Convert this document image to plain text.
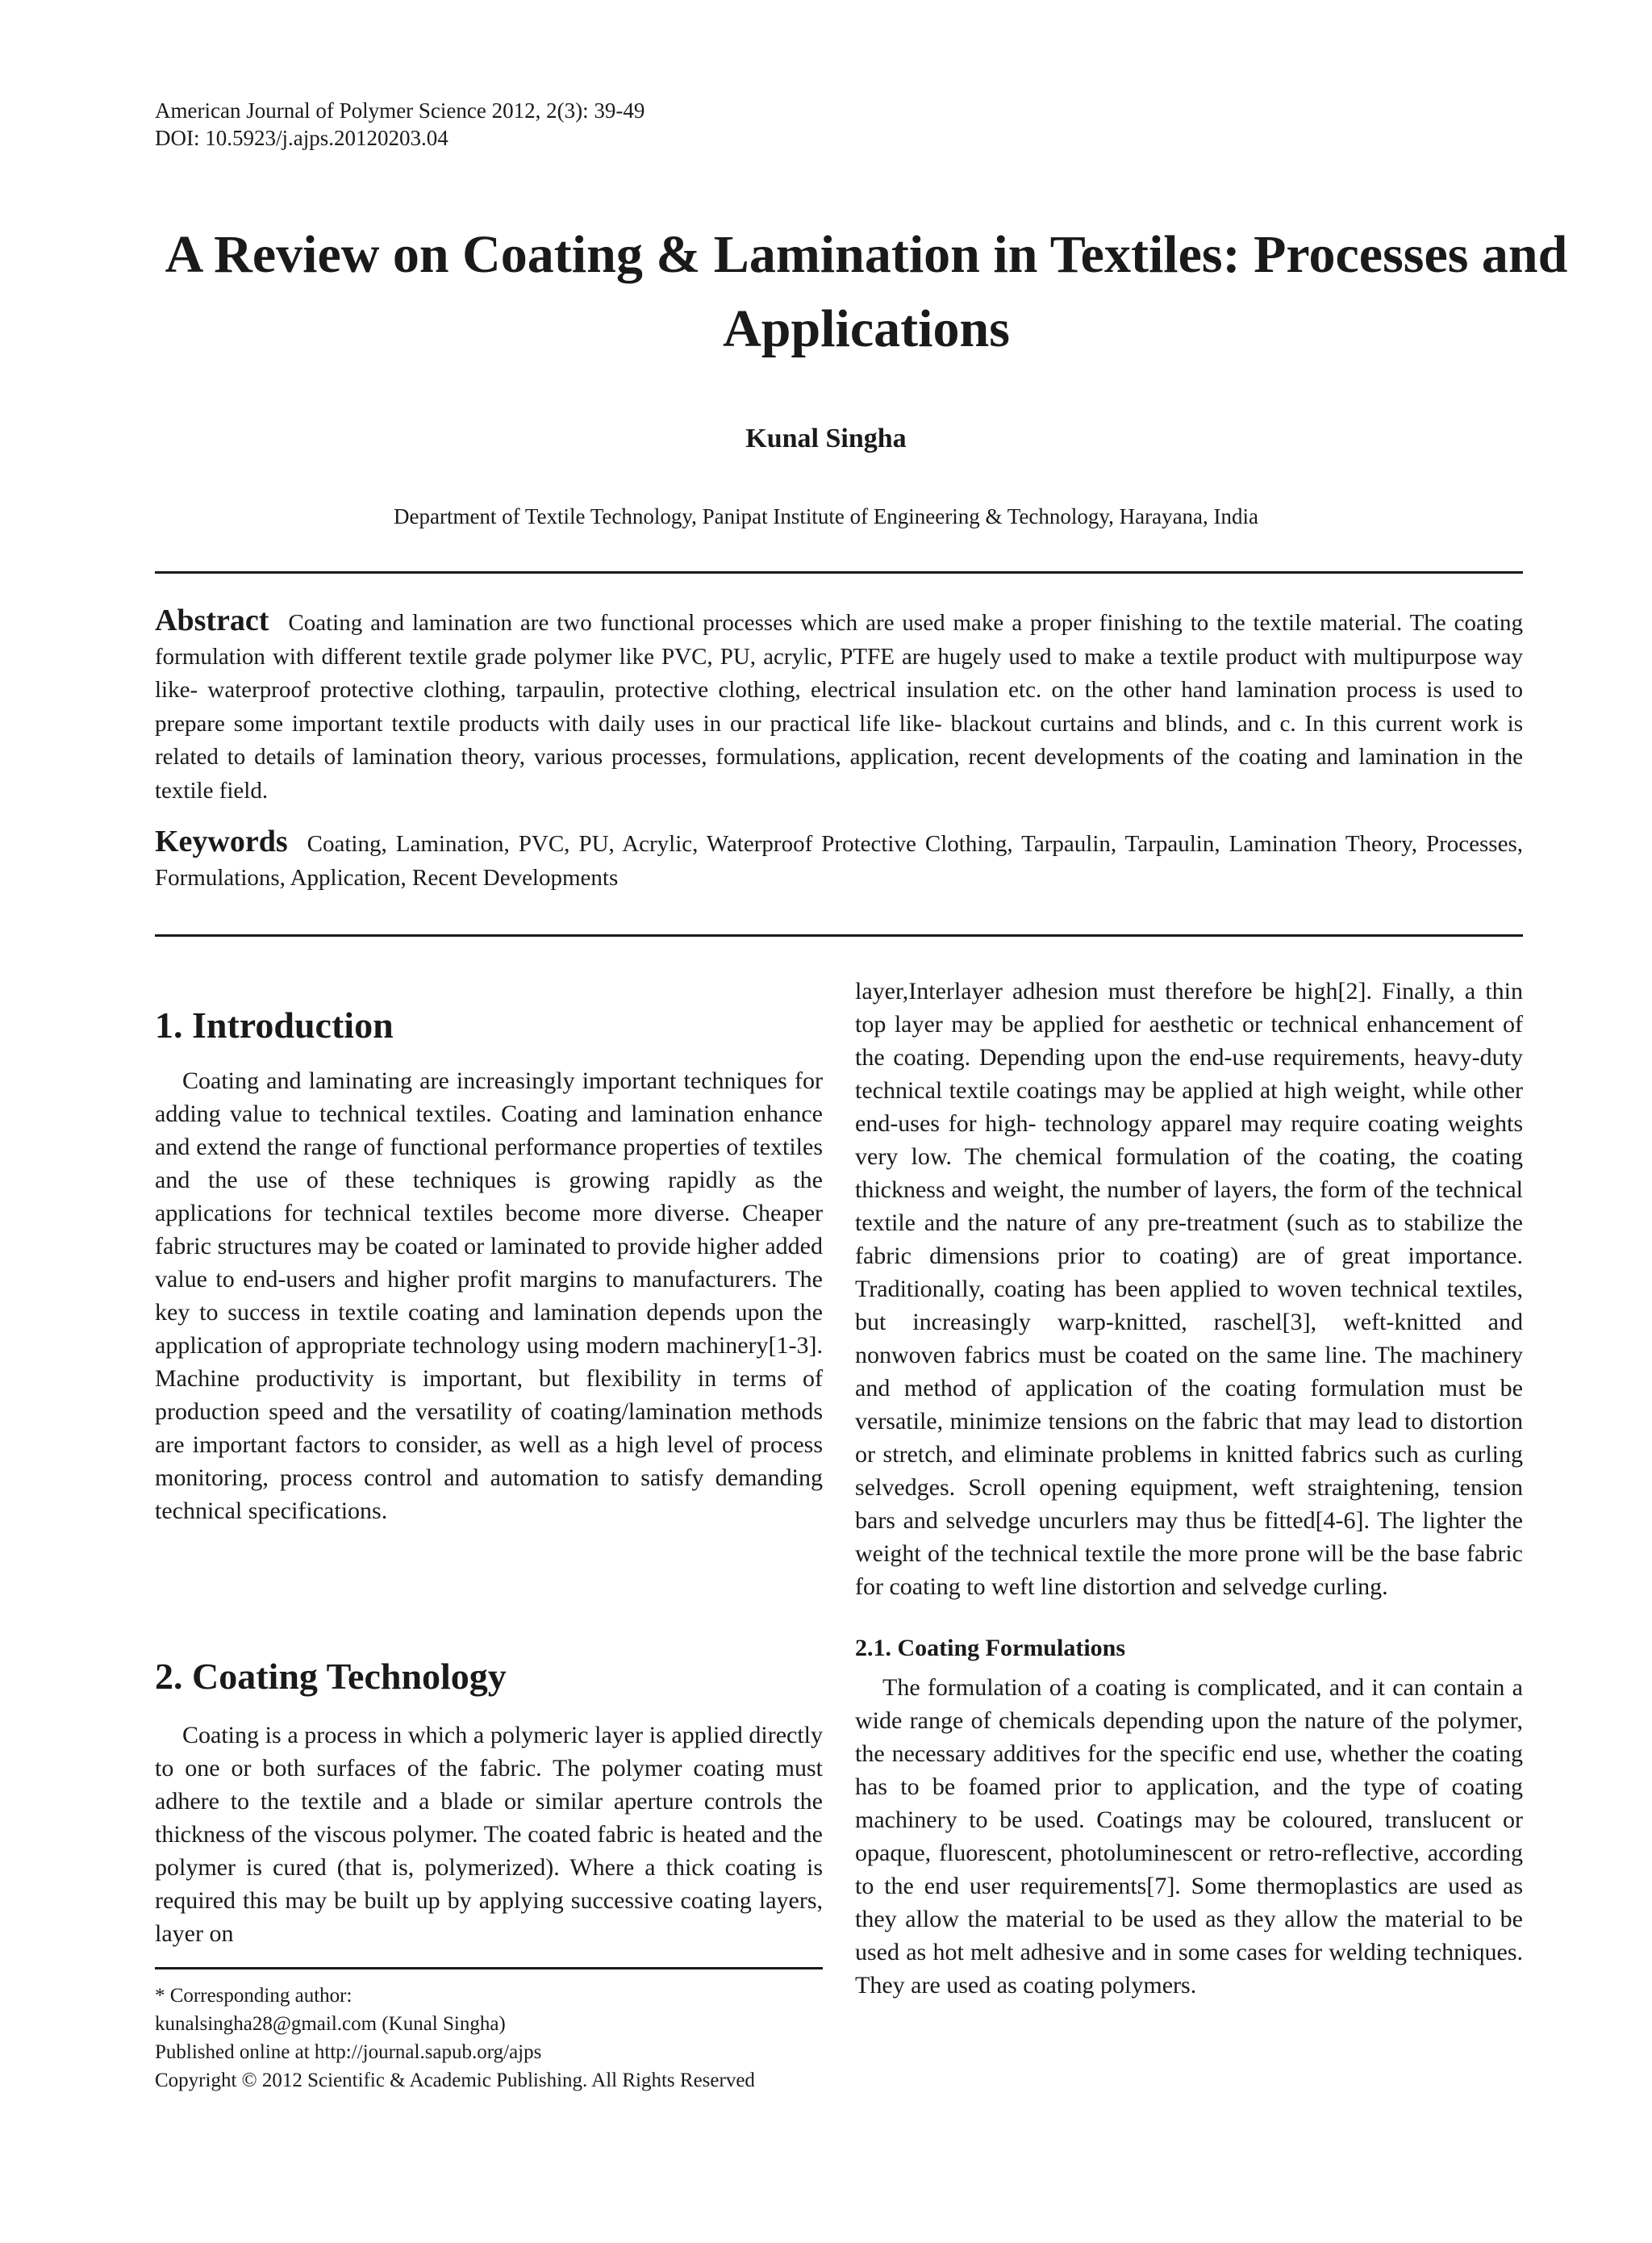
American Journal of Polymer Science 2012, 2(3): 39-49
DOI: 10.5923/j.ajps.20120203.04
A Review on Coating & Lamination in Textiles: Processes and Applications
Kunal Singha
Department of Textile Technology, Panipat Institute of Engineering & Technology, Harayana, India

Abstract Coating and lamination are two functional processes which are used make a proper finishing to the textile material. The coating formulation with different textile grade polymer like PVC, PU, acrylic, PTFE are hugely used to make a textile product with multipurpose way like- waterproof protective clothing, tarpaulin, protective clothing, electrical insulation etc. on the other hand lamination process is used to prepare some important textile products with daily uses in our practical life like- blackout curtains and blinds, and c. In this current work is related to details of lamination theory, various processes, formulations, application, recent developments of the coating and lamination in the textile field.

Keywords Coating, Lamination, PVC, PU, Acrylic, Waterproof Protective Clothing, Tarpaulin, Tarpaulin, Lamination Theory, Processes, Formulations, Application, Recent Developments

1. Introduction

Coating and laminating are increasingly important techniques for adding value to technical textiles. Coating and lamination enhance and extend the range of functional performance properties of textiles and the use of these techniques is growing rapidly as the applications for technical textiles become more diverse. Cheaper fabric structures may be coated or laminated to provide higher added value to end-users and higher profit margins to manufacturers. The key to success in textile coating and lamination depends upon the application of appropriate technology using modern machinery[1-3]. Machine productivity is important, but flexibility in terms of production speed and the versatility of coating/lamination methods are important factors to consider, as well as a high level of process monitoring, process control and automation to satisfy demanding technical specifications.

2. Coating Technology

Coating is a process in which a polymeric layer is applied directly to one or both surfaces of the fabric. The polymer coating must adhere to the textile and a blade or similar aperture controls the thickness of the viscous polymer. The coated fabric is heated and the polymer is cured (that is, polymerized). Where a thick coating is required this may be built up by applying successive coating layers, layer on

* Corresponding author:
kunalsingha28@gmail.com (Kunal Singha)
Published online at http://journal.sapub.org/ajps
Copyright © 2012 Scientific & Academic Publishing. All Rights Reserved

layer,Interlayer adhesion must therefore be high[2]. Finally, a thin top layer may be applied for aesthetic or technical enhancement of the coating. Depending upon the end-use requirements, heavy-duty technical textile coatings may be applied at high weight, while other end-uses for high- technology apparel may require coating weights very low. The chemical formulation of the coating, the coating thickness and weight, the number of layers, the form of the technical textile and the nature of any pre-treatment (such as to stabilize the fabric dimensions prior to coating) are of great importance. Traditionally, coating has been applied to woven technical textiles, but increasingly warp-knitted, raschel[3], weft-knitted and nonwoven fabrics must be coated on the same line. The machinery and method of application of the coating formulation must be versatile, minimize tensions on the fabric that may lead to distortion or stretch, and eliminate problems in knitted fabrics such as curling selvedges. Scroll opening equipment, weft straightening, tension bars and selvedge uncurlers may thus be fitted[4-6]. The lighter the weight of the technical textile the more prone will be the base fabric for coating to weft line distortion and selvedge curling.

2.1. Coating Formulations

The formulation of a coating is complicated, and it can contain a wide range of chemicals depending upon the nature of the polymer, the necessary additives for the specific end use, whether the coating has to be foamed prior to application, and the type of coating machinery to be used. Coatings may be coloured, translucent or opaque, fluorescent, photoluminescent or retro-reflective, according to the end user requirements[7]. Some thermoplastics are used as they allow the material to be used as they allow the material to be used as hot melt adhesive and in some cases for welding techniques. They are used as coating polymers.
